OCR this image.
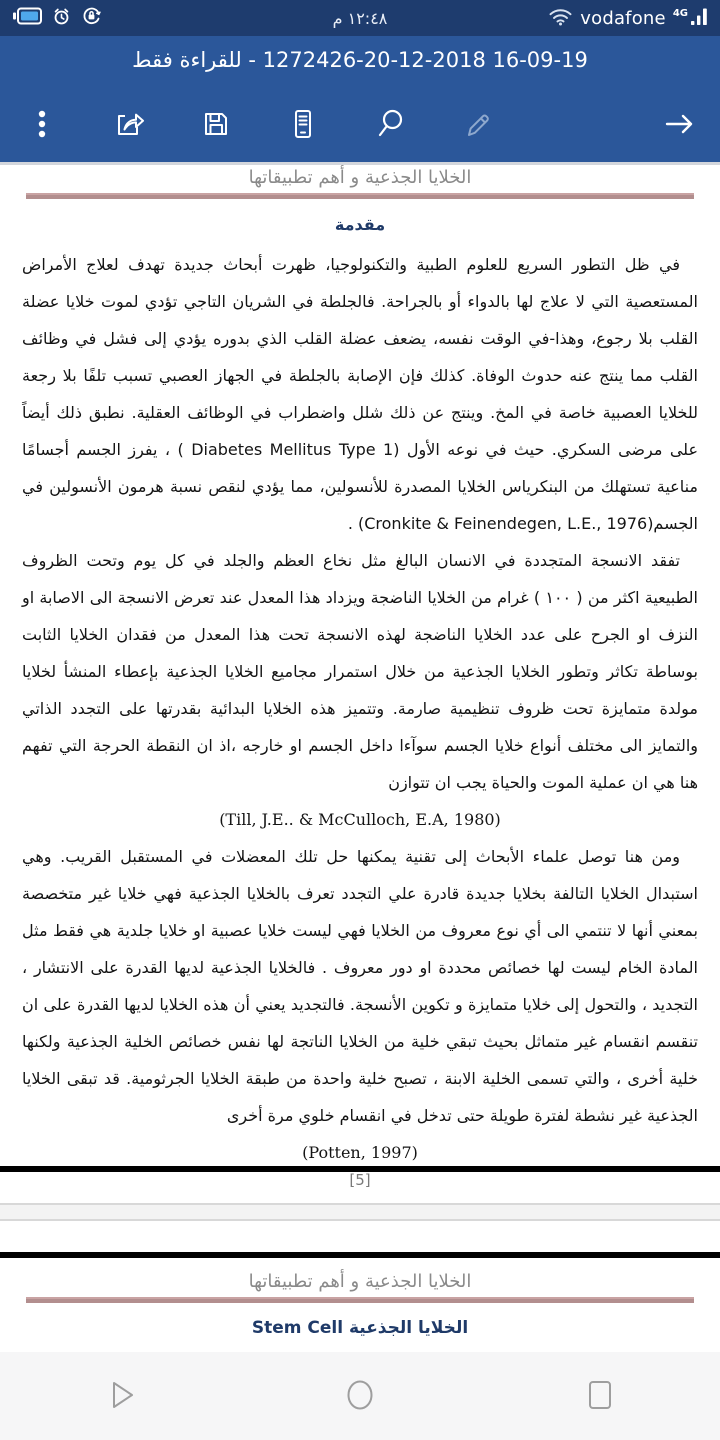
١٢:٤٨ م	vodafone 4G
16-09-19 1272426-20-12-2018 - للقراءة فقط
الخلايا الجذعية و أهم تطبيقاتها
مقدمة

في ظل التطور السريع للعلوم الطبية والتكنولوجيا، ظهرت أبحاث جديدة تهدف لعلاج الأمراض المستعصية التي لا علاج لها بالدواء أو بالجراحة. فالجلطة في الشريان التاجي تؤدي لموت خلايا عضلة القلب بلا رجوع، وهذا-في الوقت نفسه، يضعف عضلة القلب الذي بدوره يؤدي إلى فشل في وظائف القلب مما ينتج عنه حدوث الوفاة. كذلك فإن الإصابة بالجلطة في الجهاز العصبي تسبب تلفًا بلا رجعة للخلايا العصبية خاصة في المخ. وينتج عن ذلك شلل واضطراب في الوظائف العقلية. نطبق ذلك أيضاً على مرضى السكري. حيث في نوعه الأول (Diabetes Mellitus Type 1 ) ، يفرز الجسم أجسامًا مناعية تستهلك من البنكرياس الخلايا المصدرة للأنسولين، مما يؤدي لنقص نسبة هرمون الأنسولين في الجسم(Cronkite & Feinendegen, L.E., 1976) .

تفقد الانسجة المتجددة في الانسان البالغ مثل نخاع العظم والجلد في كل يوم وتحت الظروف الطبيعية اكثر من ( ١٠٠ ) غرام من الخلايا الناضجة ويزداد هذا المعدل عند تعرض الانسجة الى الاصابة او النزف او الجرح على عدد الخلايا الناضجة لهذه الانسجة تحت هذا المعدل من فقدان الخلايا الثابت بوساطة تكاثر وتطور الخلايا الجذعية من خلال استمرار مجاميع الخلايا الجذعية بإعطاء المنشأ لخلايا مولدة متمايزة تحت ظروف تنظيمية صارمة. وتتميز هذه الخلايا البدائية بقدرتها على التجدد الذاتي والتمايز الى مختلف أنواع خلايا الجسم سوآءا داخل الجسم او خارجه ،اذ ان النقطة الحرجة التي تفهم هنا هي ان عملية الموت والحياة يجب ان تتوازن

(Till, J.E.. & McCulloch, E.A, 1980)

ومن هنا توصل علماء الأبحاث إلى تقنية يمكنها حل تلك المعضلات في المستقبل القريب. وهي استبدال الخلايا التالفة بخلايا جديدة قادرة علي التجدد تعرف بالخلايا الجذعية فهي خلايا غير متخصصة بمعني أنها لا تنتمي الى أي نوع معروف من الخلايا فهي ليست خلايا عصبية او خلايا جلدية هي فقط مثل المادة الخام ليست لها خصائص محددة او دور معروف . فالخلايا الجذعية لديها القدرة على الانتشار ، التجديد ، والتحول إلى خلايا متمايزة و تكوين الأنسجة. فالتجديد يعني أن هذه الخلايا لديها القدرة على ان تنقسم انقسام غير متماثل بحيث تبقي خلية من الخلايا الناتجة لها نفس خصائص الخلية الجذعية ولكنها خلية أخرى ، والتي تسمى الخلية الابنة ، تصبح خلية واحدة من طبقة الخلايا الجرثومية. قد تبقى الخلايا الجذعية غير نشطة لفترة طويلة حتى تدخل في انقسام خلوي مرة أخرى

(Potten, 1997)

[5]
الخلايا الجذعية و أهم تطبيقاتها
الخلايا الجذعية Stem Cell
